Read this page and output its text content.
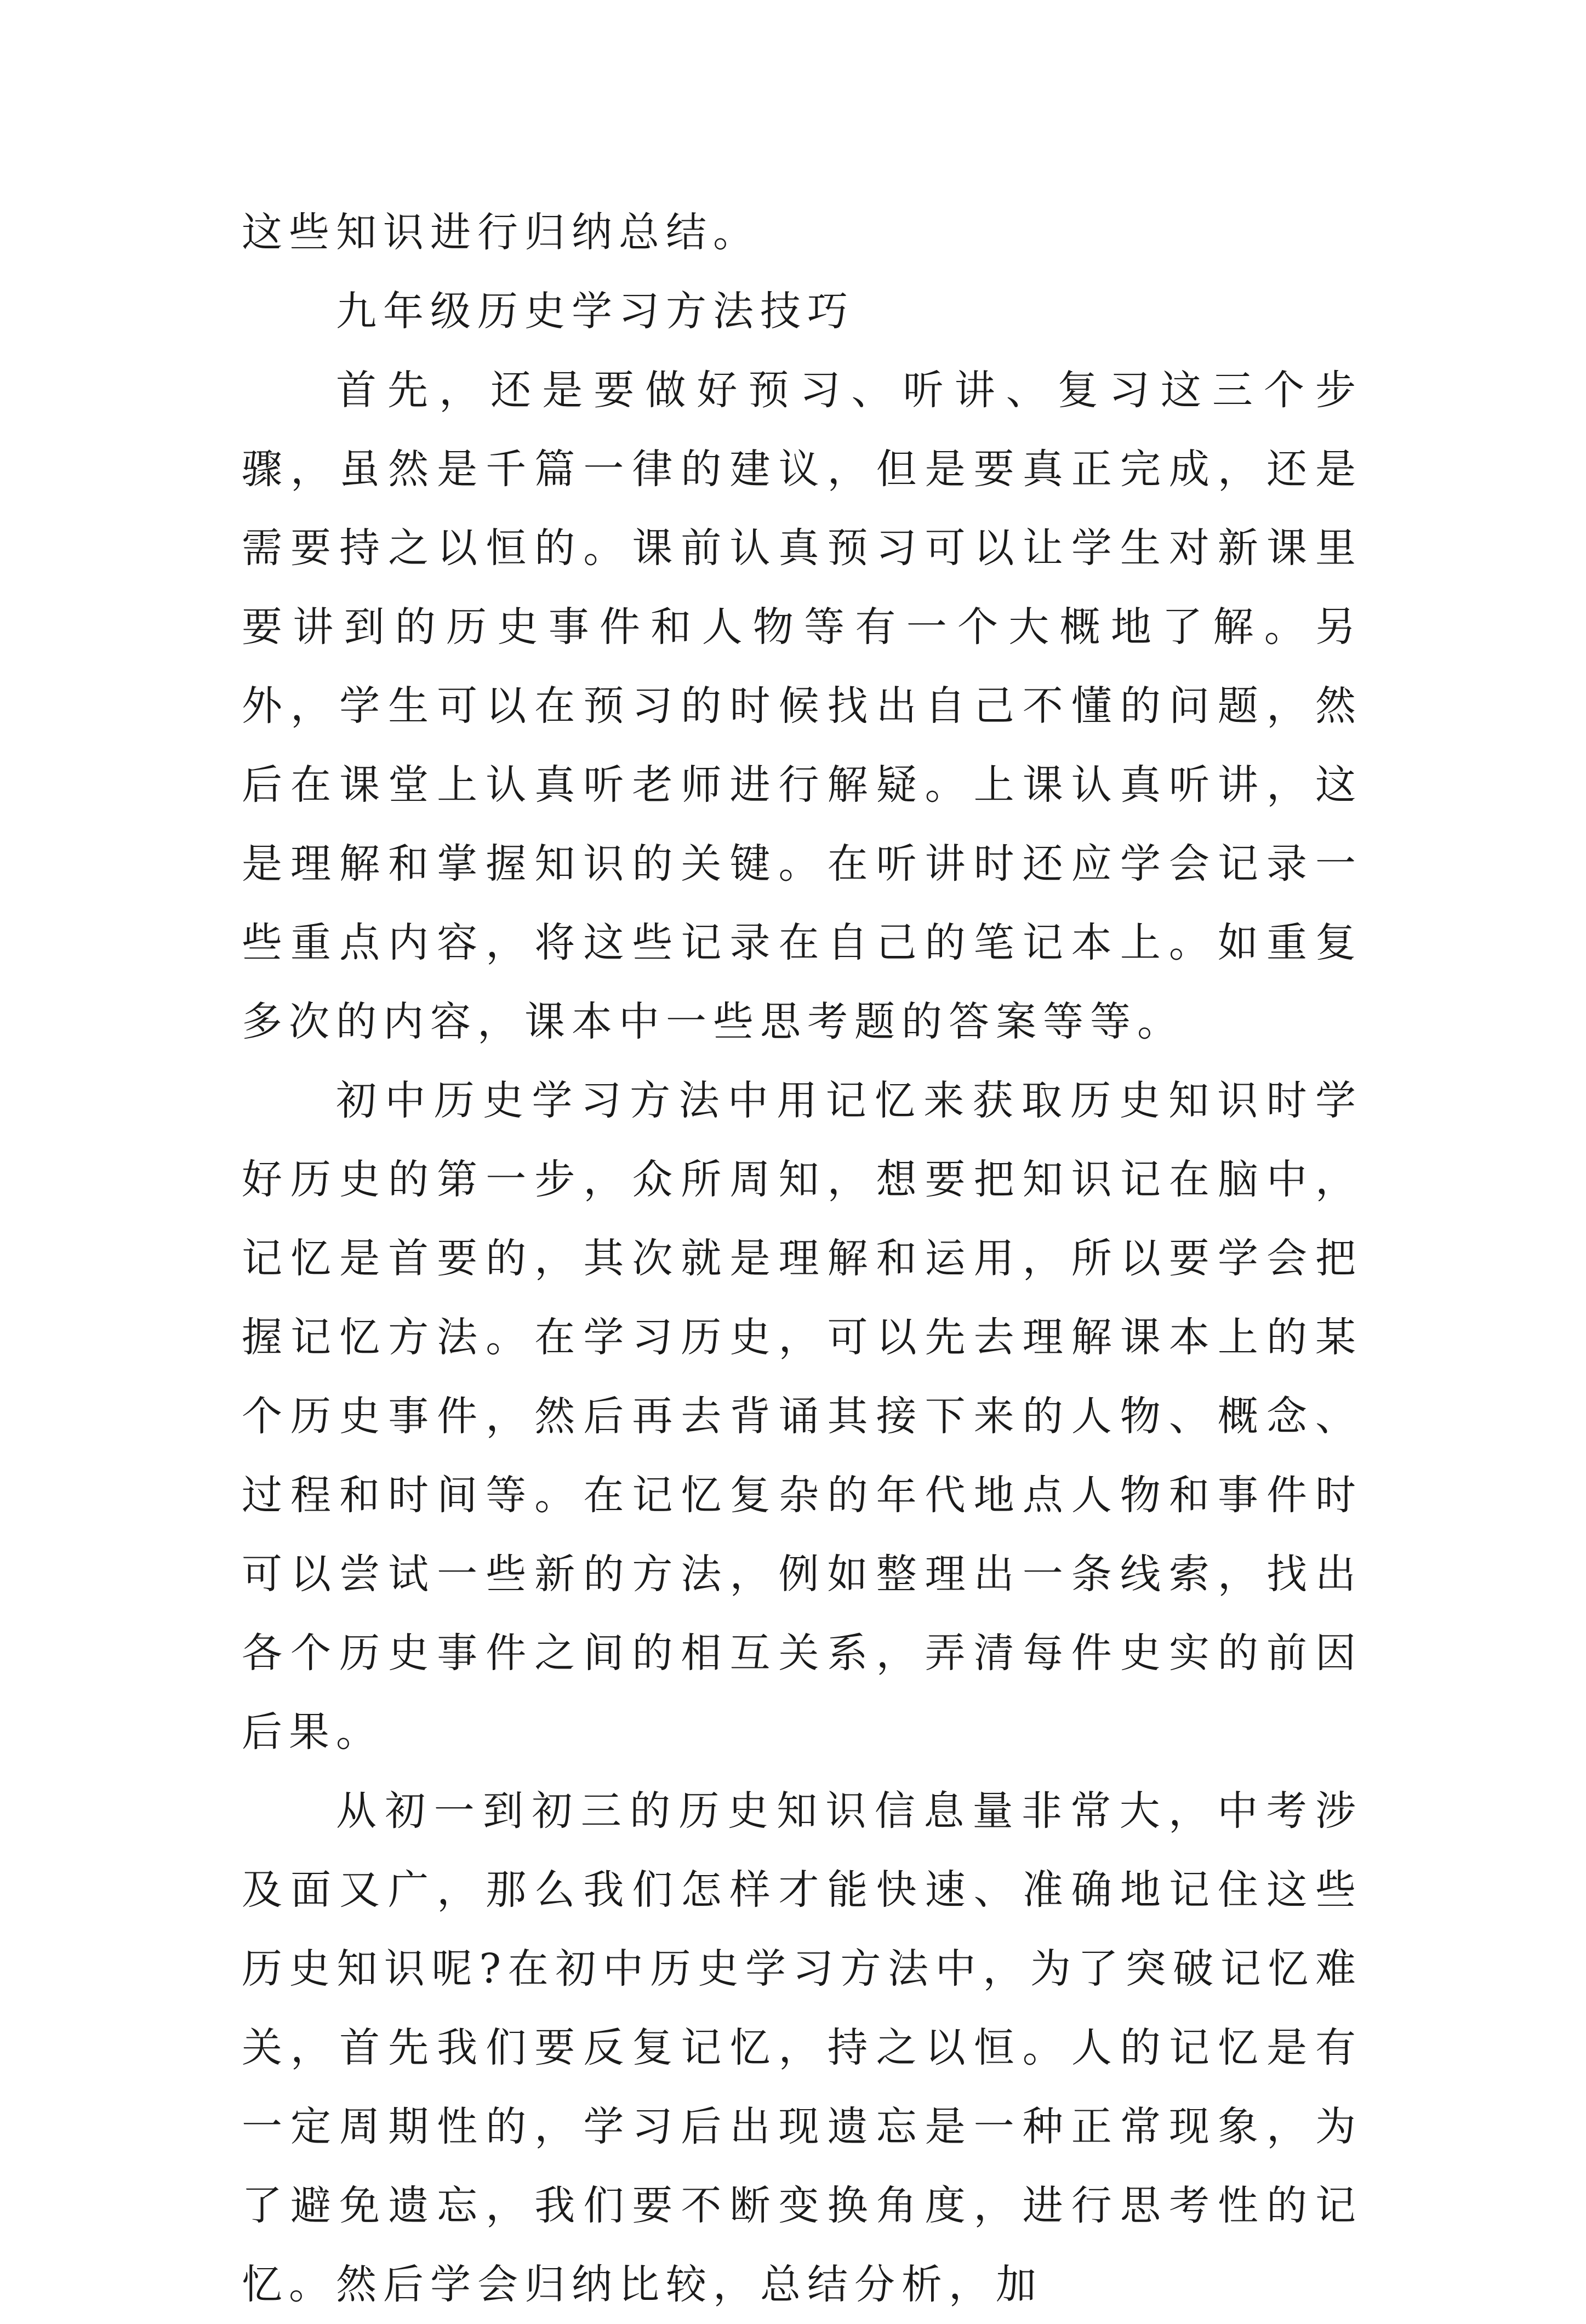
这些知识进行归纳总结。

九年级历史学习方法技巧

首先，还是要做好预习、听讲、复习这三个步骤，虽然是千篇一律的建议，但是要真正完成，还是需要持之以恒的。课前认真预习可以让学生对新课里要讲到的历史事件和人物等有一个大概地了解。另外，学生可以在预习的时候找出自己不懂的问题，然后在课堂上认真听老师进行解疑。上课认真听讲，这是理解和掌握知识的关键。在听讲时还应学会记录一些重点内容，将这些记录在自己的笔记本上。如重复多次的内容，课本中一些思考题的答案等等。

初中历史学习方法中用记忆来获取历史知识时学好历史的第一步，众所周知，想要把知识记在脑中，记忆是首要的，其次就是理解和运用，所以要学会把握记忆方法。在学习历史，可以先去理解课本上的某个历史事件，然后再去背诵其接下来的人物、概念、过程和时间等。在记忆复杂的年代地点人物和事件时可以尝试一些新的方法，例如整理出一条线索，找出各个历史事件之间的相互关系，弄清每件史实的前因后果。

从初一到初三的历史知识信息量非常大，中考涉及面又广，那么我们怎样才能快速、准确地记住这些历史知识呢?在初中历史学习方法中，为了突破记忆难关，首先我们要反复记忆，持之以恒。人的记忆是有一定周期性的，学习后出现遗忘是一种正常现象，为了避免遗忘，我们要不断变换角度，进行思考性的记忆。然后学会归纳比较，总结分析，加
